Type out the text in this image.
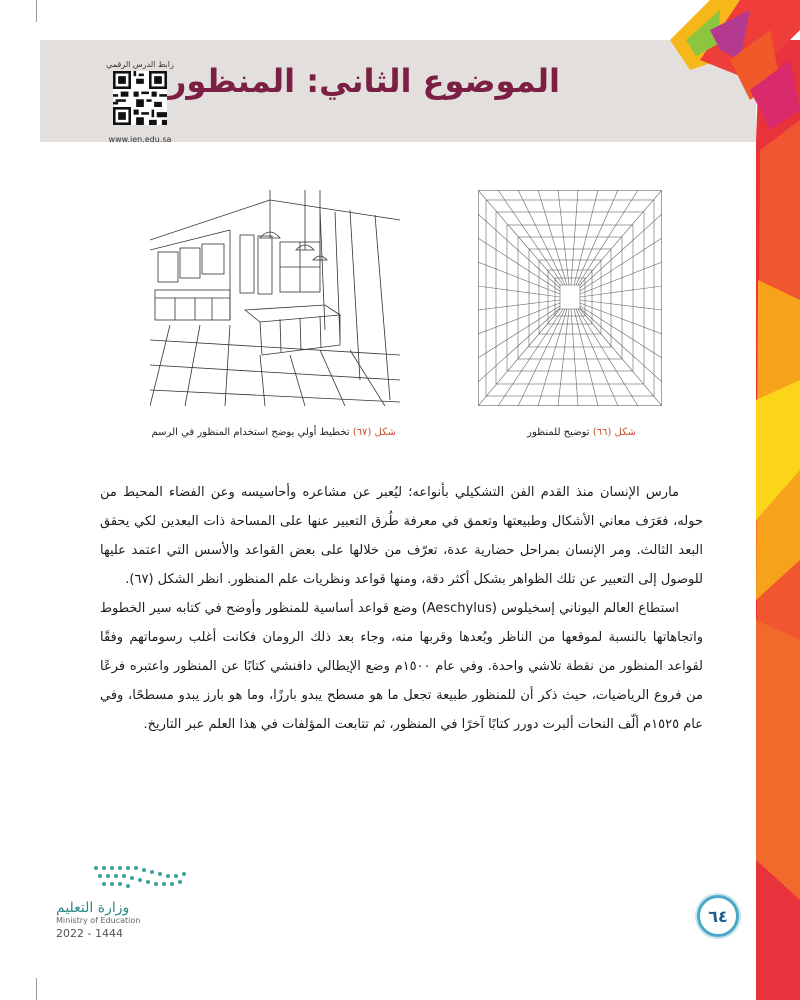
الموضوع الثاني: المنظور
رابط الدرس الرقمي
www.ien.edu.sa
شكل (٦٦) توضيح للمنظور
شكل (٦٧) تخطيط أولي يوضح استخدام المنظور في الرسم

مارس الإنسان منذ القدم الفن التشكيلي بأنواعه؛ ليُعبر عن مشاعره وأحاسيسه وعن الفضاء المحيط من حوله، فعَرَف معاني الأشكال وطبيعتها وتعمق في معرفة طُرق التعبير عنها على المساحة ذات البعدين لكي يحقق البعد الثالث. ومر الإنسان بمراحل حضارية عدة، تعرّف من خلالها على بعض القواعد والأسس التي اعتمد عليها للوصول إلى التعبير عن تلك الظواهر بشكل أكثر دقة، ومنها قواعد ونظريات علم المنظور. انظر الشكل (٦٧).

استطاع العالم اليوناني إسخيلوس (Aeschylus) وضع قواعد أساسية للمنظور وأوضح في كتابه سير الخطوط واتجاهاتها بالنسبة لموقعها من الناظر وبُعدها وقربها منه، وجاء بعد ذلك الرومان فكانت أغلب رسوماتهم وفقًا لقواعد المنظور من نقطة تلاشي واحدة. وفي عام ١٥٠٠م وضع الإيطالي دافنشي كتابًا عن المنظور واعتبره فرعًا من فروع الرياضيات، حيث ذكر أن للمنظور طبيعة تجعل ما هو مسطح يبدو بارزًا، وما هو بارز يبدو مسطحًا، وفي عام ١٥٢٥م ألّف النحات ألبرت دورر كتابًا آخرًا في المنظور، ثم تتابعت المؤلفات في هذا العلم عبر التاريخ.

وزارة التعليم
Ministry of Education
2022 - 1444
٦٤
